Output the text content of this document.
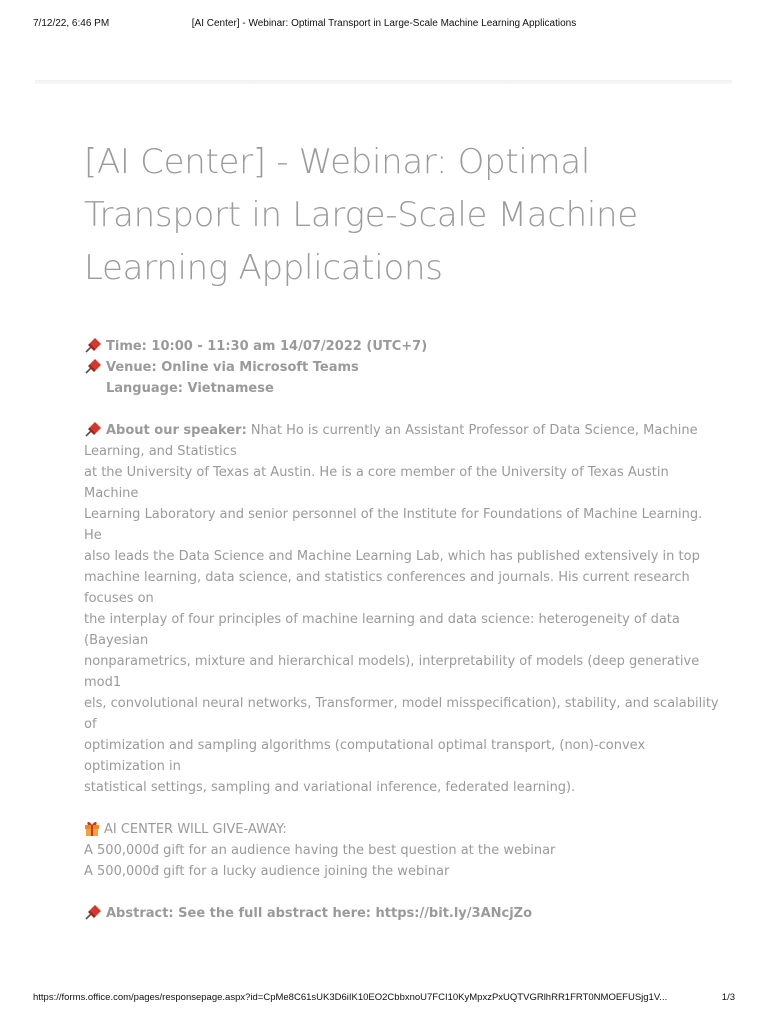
7/12/22, 6:46 PM	[AI Center] - Webinar: Optimal Transport in Large-Scale Machine Learning Applications
[AI Center] - Webinar: Optimal
Transport in Large-Scale Machine
Learning Applications
Time: 10:00 - 11:30 am 14/07/2022 (UTC+7)
Venue: Online via Microsoft Teams
Language: Vietnamese
About our speaker: Nhat Ho is currently an Assistant Professor of Data Science, Machine
Learning, and Statistics
at the University of Texas at Austin. He is a core member of the University of Texas Austin
Machine
Learning Laboratory and senior personnel of the Institute for Foundations of Machine Learning.
He
also leads the Data Science and Machine Learning Lab, which has published extensively in top
machine learning, data science, and statistics conferences and journals. His current research
focuses on
the interplay of four principles of machine learning and data science: heterogeneity of data
(Bayesian
nonparametrics, mixture and hierarchical models), interpretability of models (deep generative
mod1
els, convolutional neural networks, Transformer, model misspecification), stability, and scalability
of
optimization and sampling algorithms (computational optimal transport, (non)-convex
optimization in
statistical settings, sampling and variational inference, federated learning).
AI CENTER WILL GIVE-AWAY:
A 500,000đ gift for an audience having the best question at the webinar
A 500,000đ gift for a lucky audience joining the webinar
Abstract: See the full abstract here: https://bit.ly/3ANcjZo
https://forms.office.com/pages/responsepage.aspx?id=CpMe8C61sUK3D6iIK10EO2CbbxnoU7FCI10KyMpxzPxUQTVGRlhRR1FRT0NMOEFUSjg1V...	1/3
